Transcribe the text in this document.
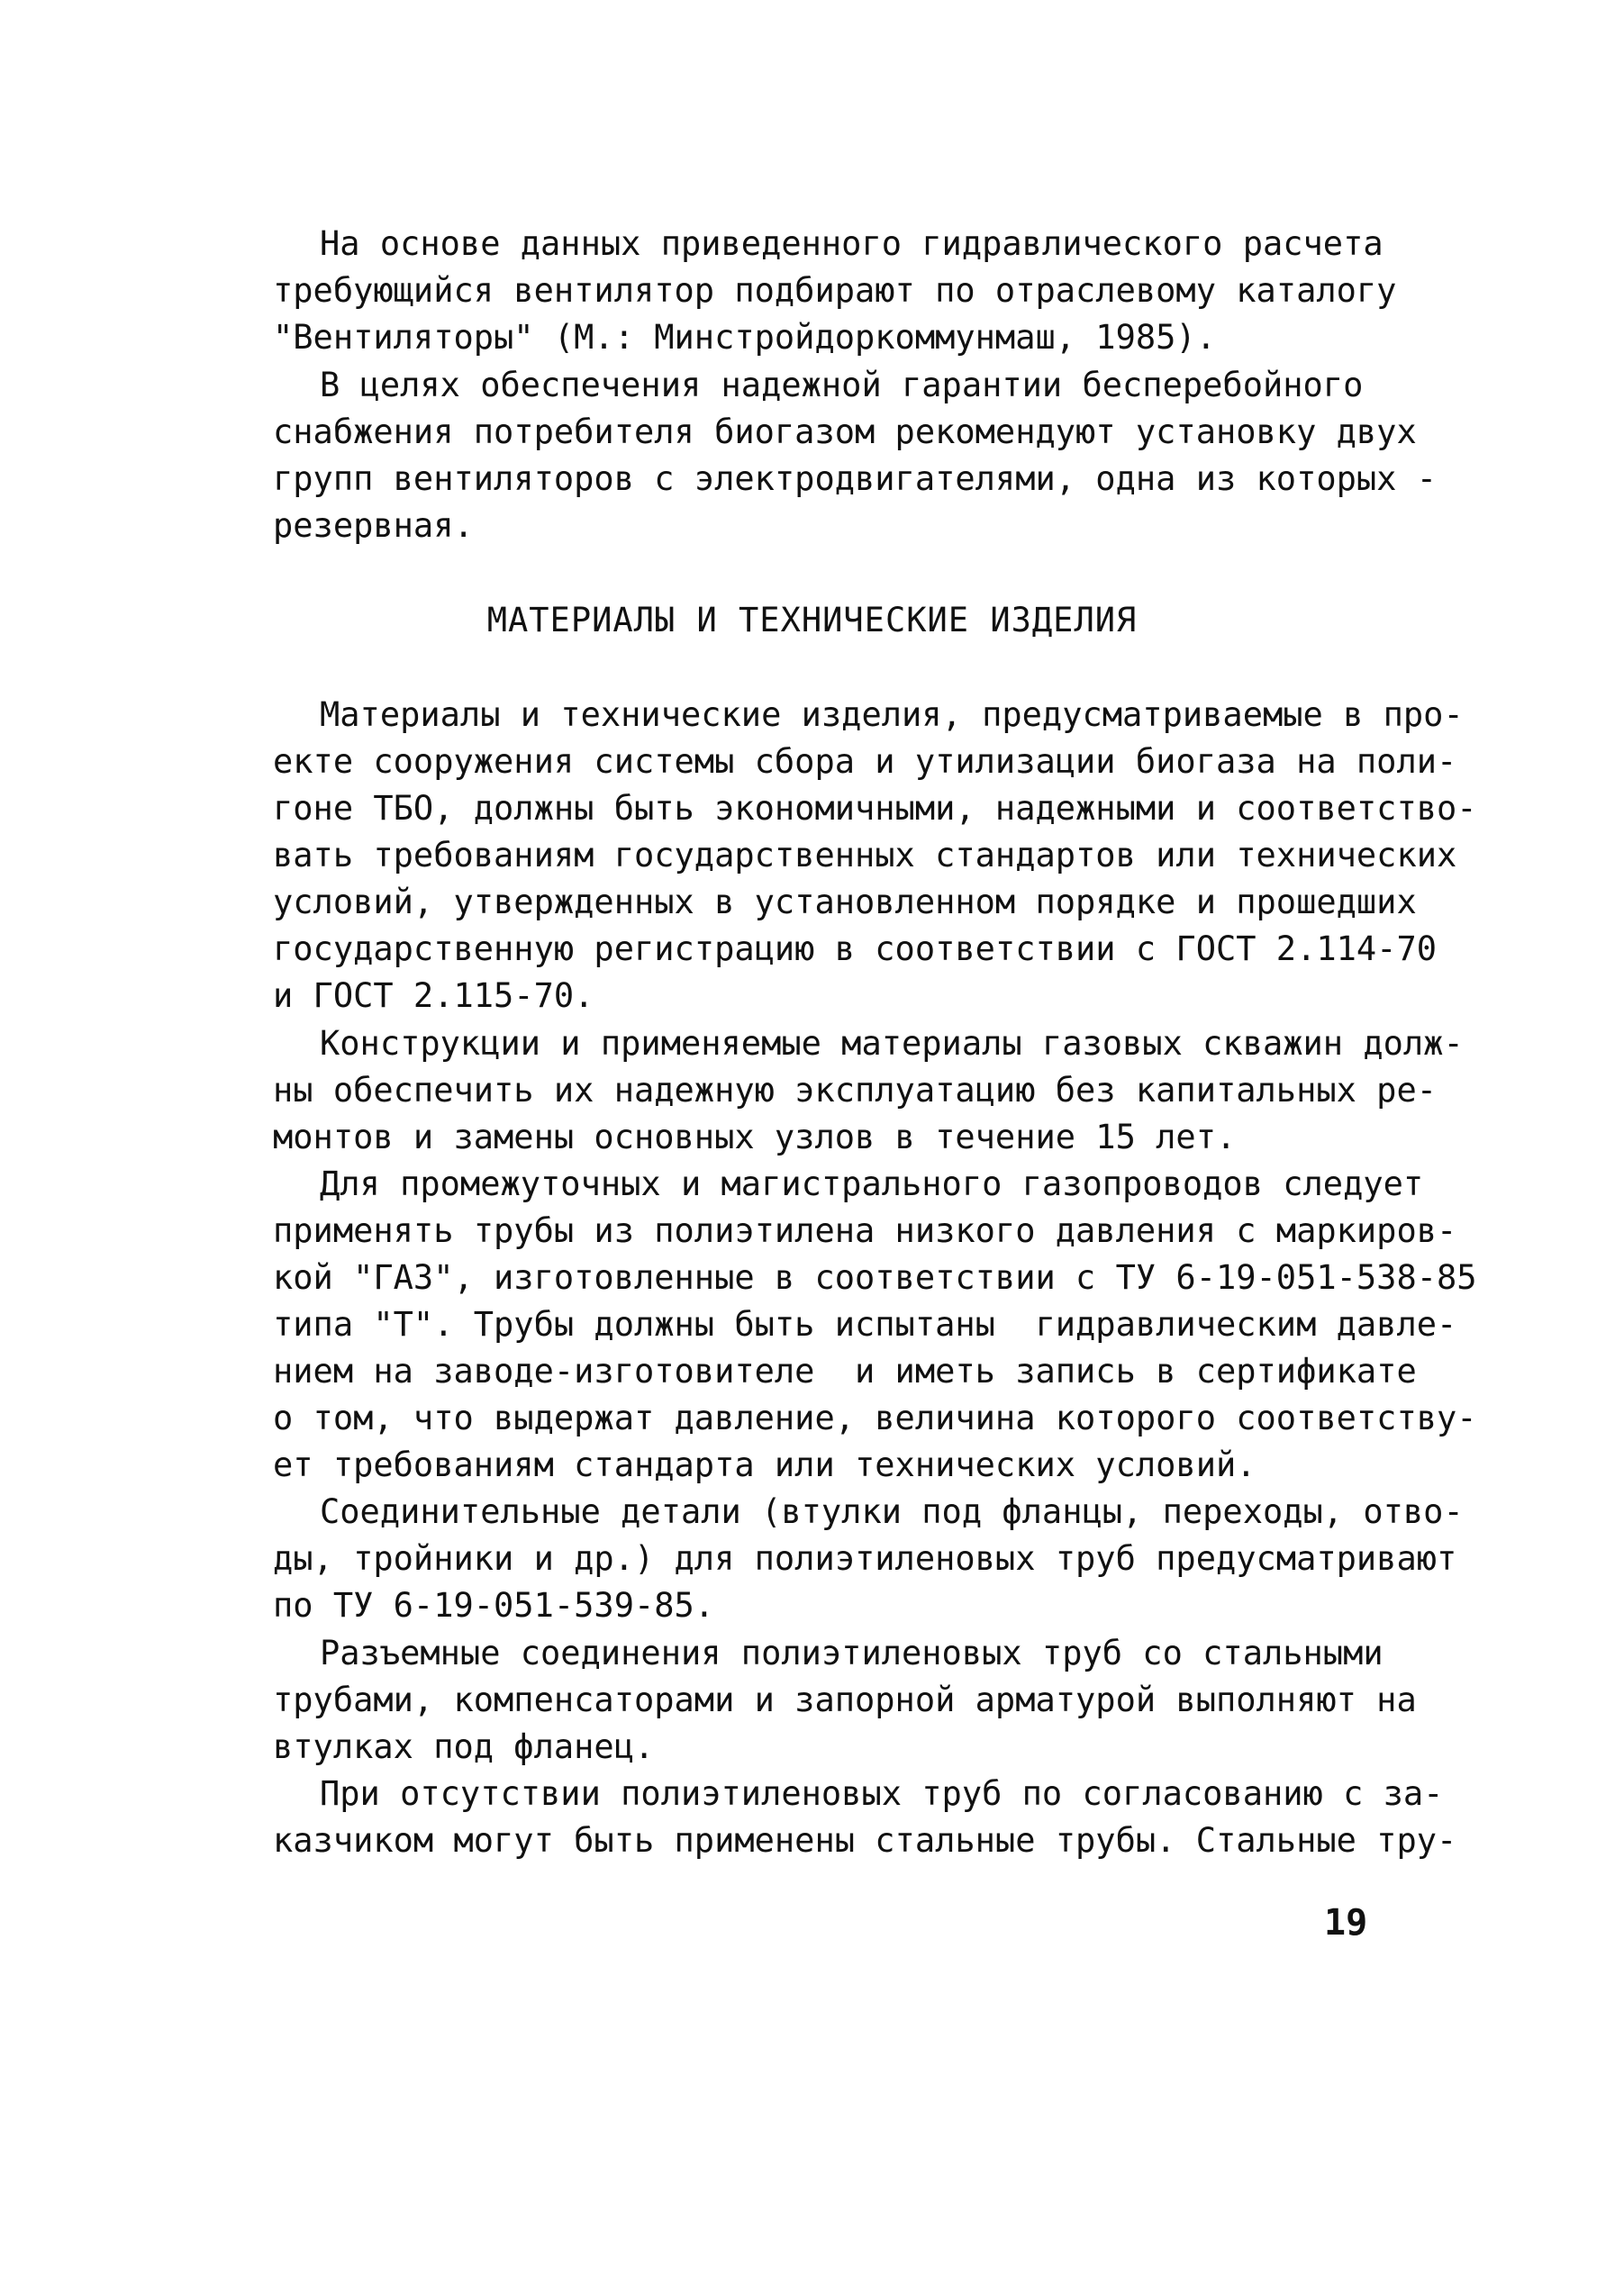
На основе данных приведенного гидравлического расчета
требующийся вентилятор подбирают по отраслевому каталогу
"Вентиляторы" (М.: Минстройдоркоммунмаш, 1985).
В целях обеспечения надежной гарантии бесперебойного
снабжения потребителя биогазом рекомендуют установку двух
групп вентиляторов с электродвигателями, одна из которых -
резервная.
МАТЕРИАЛЫ И ТЕХНИЧЕСКИЕ ИЗДЕЛИЯ
Материалы и технические изделия, предусматриваемые в про-
екте сооружения системы сбора и утилизации биогаза на поли-
гоне ТБО, должны быть экономичными, надежными и соответство-
вать требованиям государственных стандартов или технических
условий, утвержденных в установленном порядке и прошедших
государственную регистрацию в соответствии с ГОСТ 2.114-70
и ГОСТ 2.115-70.
Конструкции и применяемые материалы газовых скважин долж-
ны обеспечить их надежную эксплуатацию без капитальных ре-
монтов и замены основных узлов в течение 15 лет.
Для промежуточных и магистрального газопроводов следует
применять трубы из полиэтилена низкого давления с маркиров-
кой "ГАЗ", изготовленные в соответствии с ТУ 6-19-051-538-85
типа "Т". Трубы должны быть испытаны  гидравлическим давле-
нием на заводе-изготовителе  и иметь запись в сертификате
о том, что выдержат давление, величина которого соответству-
ет требованиям стандарта или технических условий.
Соединительные детали (втулки под фланцы, переходы, отво-
ды, тройники и др.) для полиэтиленовых труб предусматривают
по ТУ 6-19-051-539-85.
Разъемные соединения полиэтиленовых труб со стальными
трубами, компенсаторами и запорной арматурой выполняют на
втулках под фланец.
При отсутствии полиэтиленовых труб по согласованию с за-
казчиком могут быть применены стальные трубы. Стальные тру-
19
